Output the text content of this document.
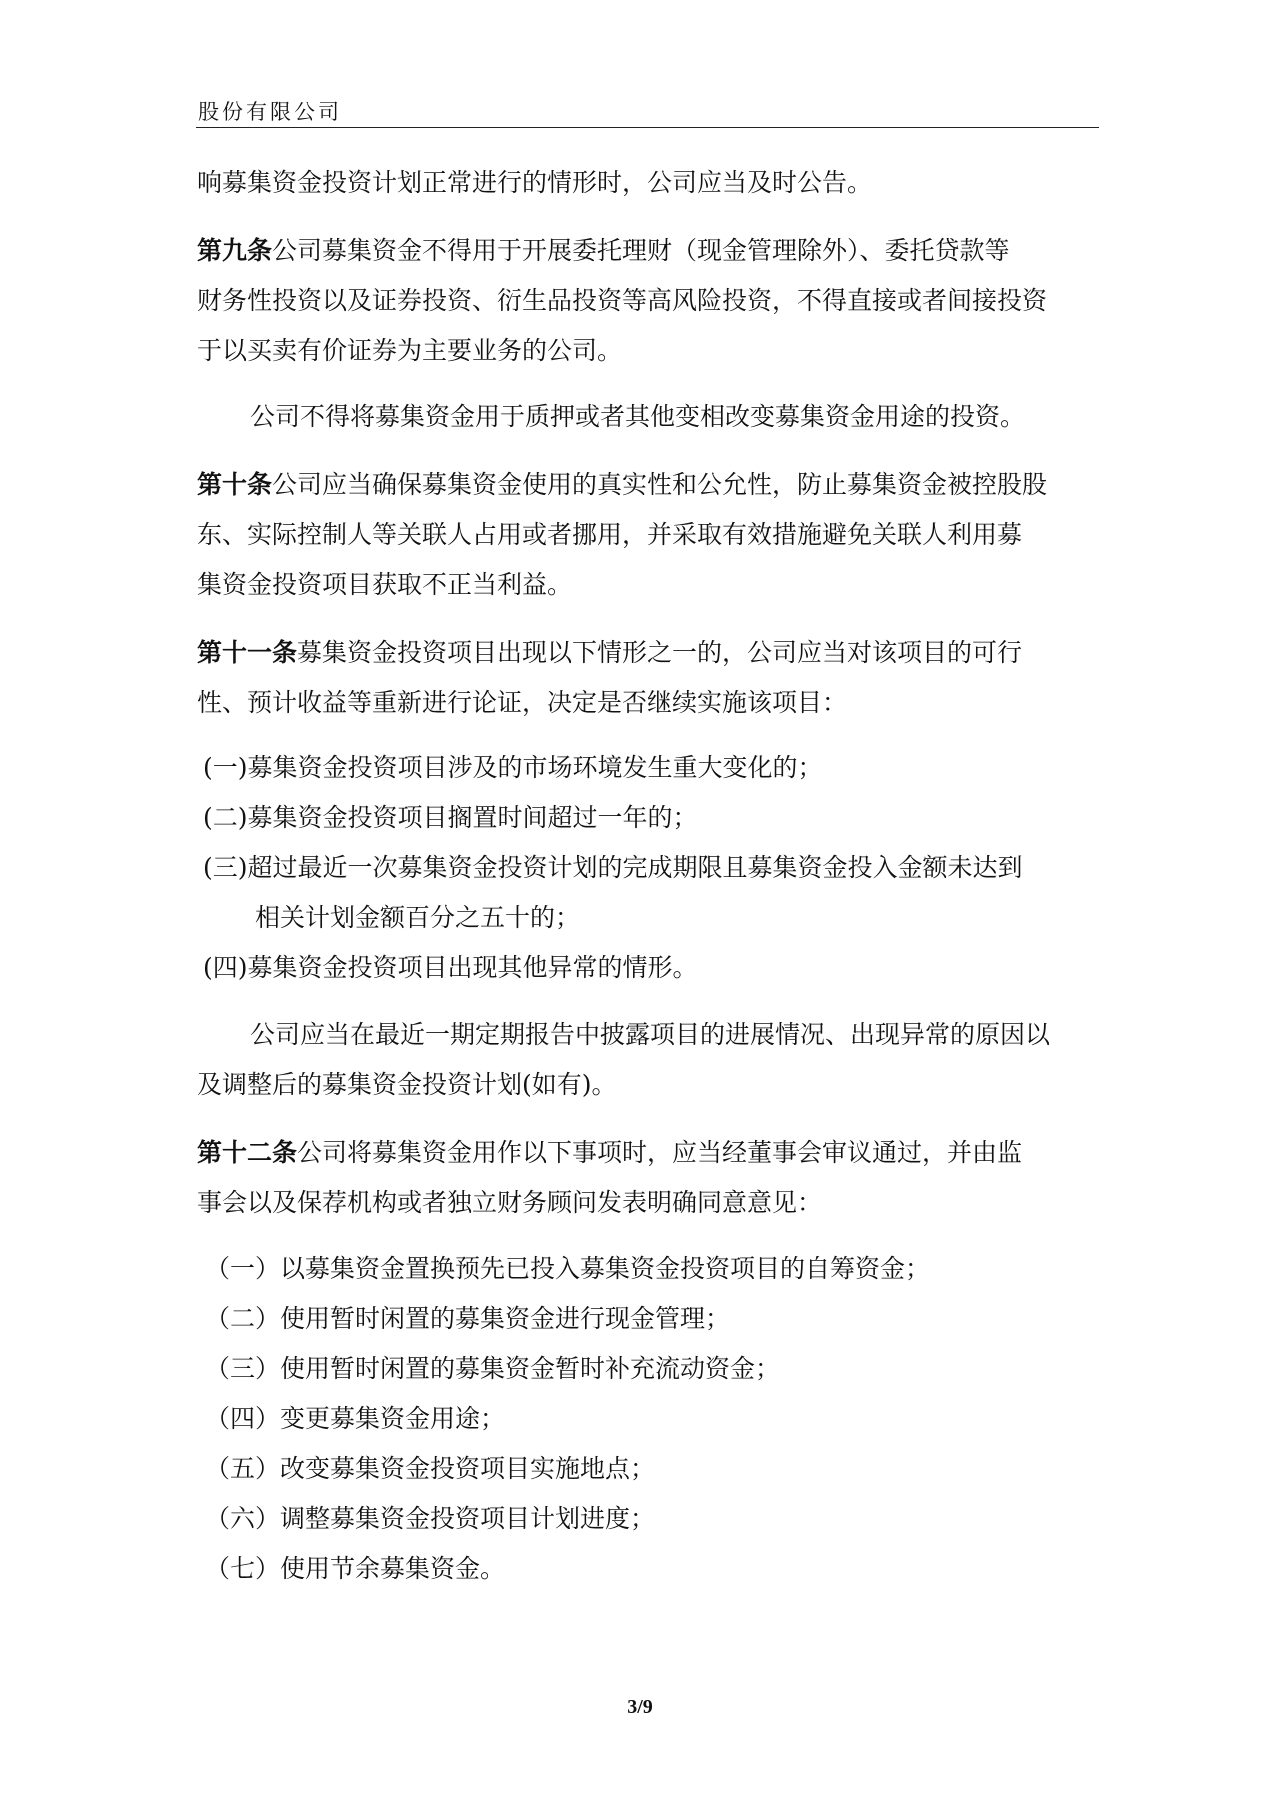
股份有限公司
响募集资金投资计划正常进行的情形时，公司应当及时公告。
第九条公司募集资金不得用于开展委托理财（现金管理除外）、委托贷款等
财务性投资以及证券投资、衍生品投资等高风险投资，不得直接或者间接投资
于以买卖有价证券为主要业务的公司。
公司不得将募集资金用于质押或者其他变相改变募集资金用途的投资。
第十条公司应当确保募集资金使用的真实性和公允性，防止募集资金被控股股
东、实际控制人等关联人占用或者挪用，并采取有效措施避免关联人利用募
集资金投资项目获取不正当利益。
第十一条募集资金投资项目出现以下情形之一的，公司应当对该项目的可行
性、预计收益等重新进行论证，决定是否继续实施该项目：
(一)募集资金投资项目涉及的市场环境发生重大变化的；
(二)募集资金投资项目搁置时间超过一年的；
(三)超过最近一次募集资金投资计划的完成期限且募集资金投入金额未达到
相关计划金额百分之五十的；
(四)募集资金投资项目出现其他异常的情形。
公司应当在最近一期定期报告中披露项目的进展情况、出现异常的原因以
及调整后的募集资金投资计划(如有)。
第十二条公司将募集资金用作以下事项时，应当经董事会审议通过，并由监
事会以及保荐机构或者独立财务顾问发表明确同意意见：
（一）以募集资金置换预先已投入募集资金投资项目的自筹资金；
（二）使用暂时闲置的募集资金进行现金管理；
（三）使用暂时闲置的募集资金暂时补充流动资金；
（四）变更募集资金用途；
（五）改变募集资金投资项目实施地点；
（六）调整募集资金投资项目计划进度；
（七）使用节余募集资金。
3/9
